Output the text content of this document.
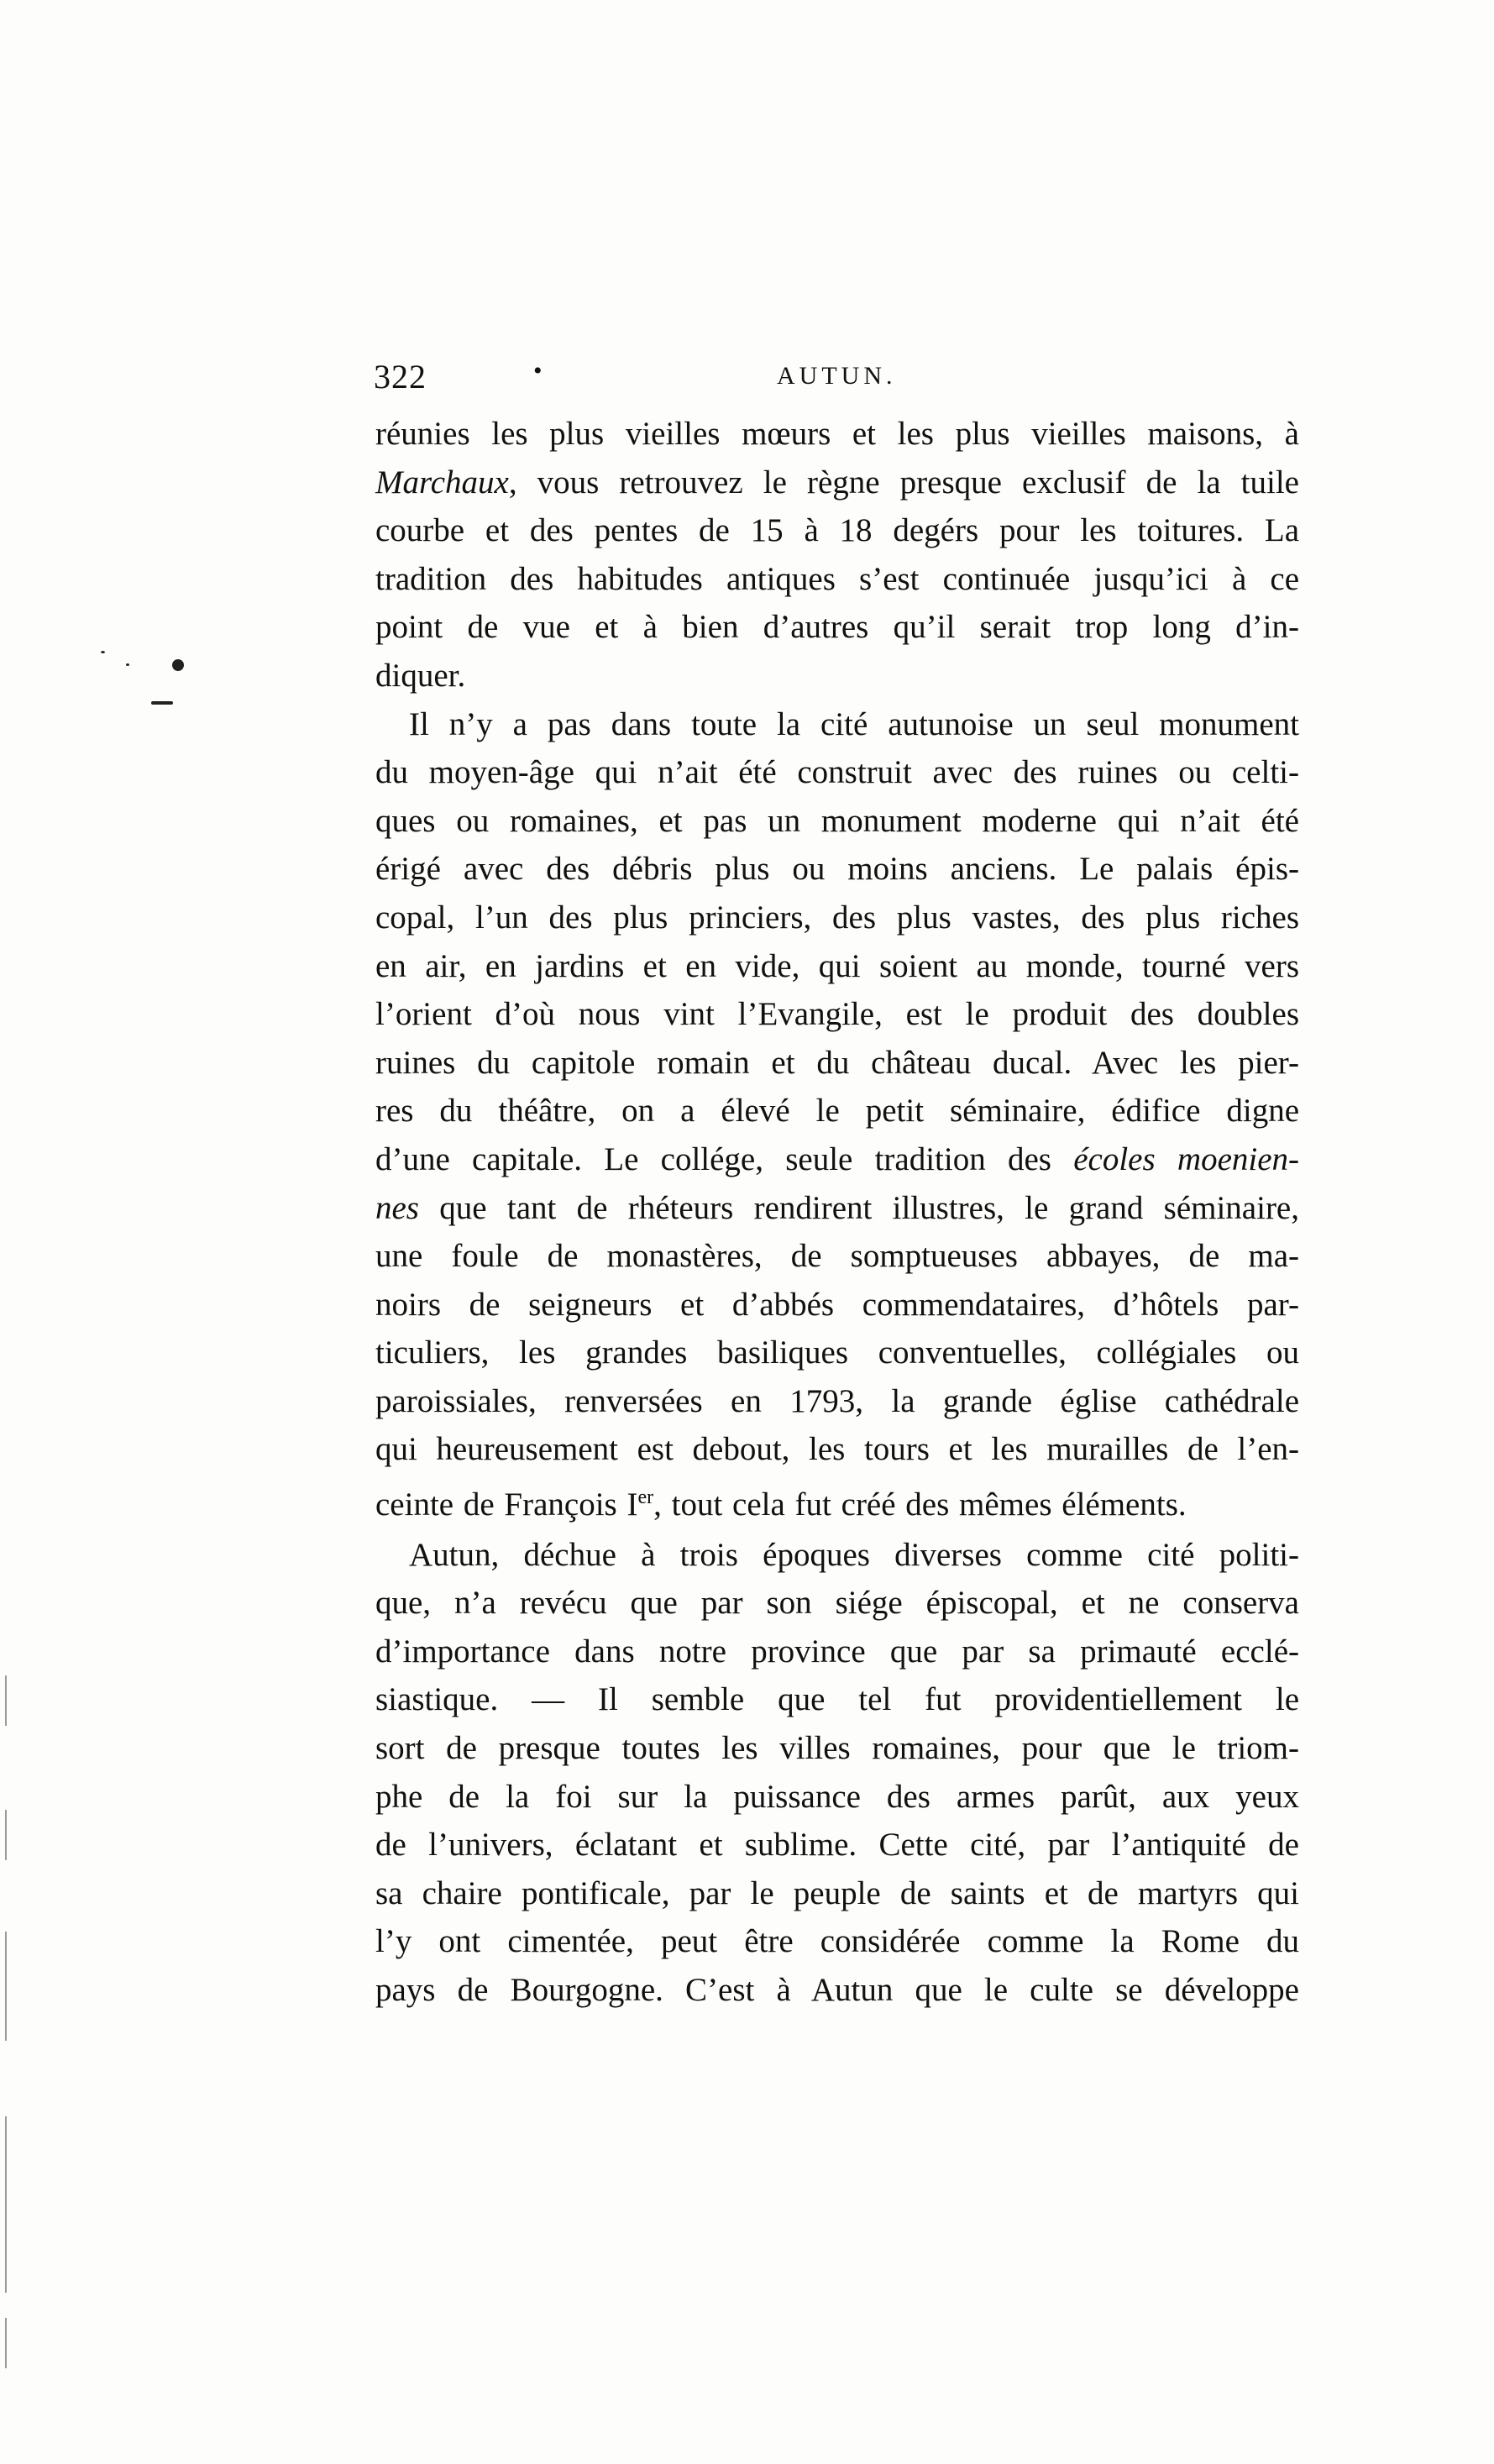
322	•	AUTUN.
réunies les plus vieilles mœurs et les plus vieilles maisons, à
Marchaux, vous retrouvez le règne presque exclusif de la tuile
courbe et des pentes de 15 à 18 degérs pour les toitures. La
tradition des habitudes antiques s’est continuée jusqu’ici à ce
point de vue et à bien d’autres qu’il serait trop long d’in-
diquer.
Il n’y a pas dans toute la cité autunoise un seul monument
du moyen-âge qui n’ait été construit avec des ruines ou celti-
ques ou romaines, et pas un monument moderne qui n’ait été
érigé avec des débris plus ou moins anciens. Le palais épis-
copal, l’un des plus princiers, des plus vastes, des plus riches
en air, en jardins et en vide, qui soient au monde, tourné vers
l’orient d’où nous vint l’Evangile, est le produit des doubles
ruines du capitole romain et du château ducal. Avec les pier-
res du théâtre, on a élevé le petit séminaire, édifice digne
d’une capitale. Le collége, seule tradition des écoles moenien-
nes que tant de rhéteurs rendirent illustres, le grand séminaire,
une foule de monastères, de somptueuses abbayes, de ma-
noirs de seigneurs et d’abbés commendataires, d’hôtels par-
ticuliers, les grandes basiliques conventuelles, collégiales ou
paroissiales, renversées en 1793, la grande église cathédrale
qui heureusement est debout, les tours et les murailles de l’en-
ceinte de François Ier, tout cela fut créé des mêmes éléments.
Autun, déchue à trois époques diverses comme cité politi-
que, n’a revécu que par son siége épiscopal, et ne conserva
d’importance dans notre province que par sa primauté ecclé-
siastique. — Il semble que tel fut providentiellement le
sort de presque toutes les villes romaines, pour que le triom-
phe de la foi sur la puissance des armes parût, aux yeux
de l’univers, éclatant et sublime. Cette cité, par l’antiquité de
sa chaire pontificale, par le peuple de saints et de martyrs qui
l’y ont cimentée, peut être considérée comme la Rome du
pays de Bourgogne. C’est à Autun que le culte se développe
